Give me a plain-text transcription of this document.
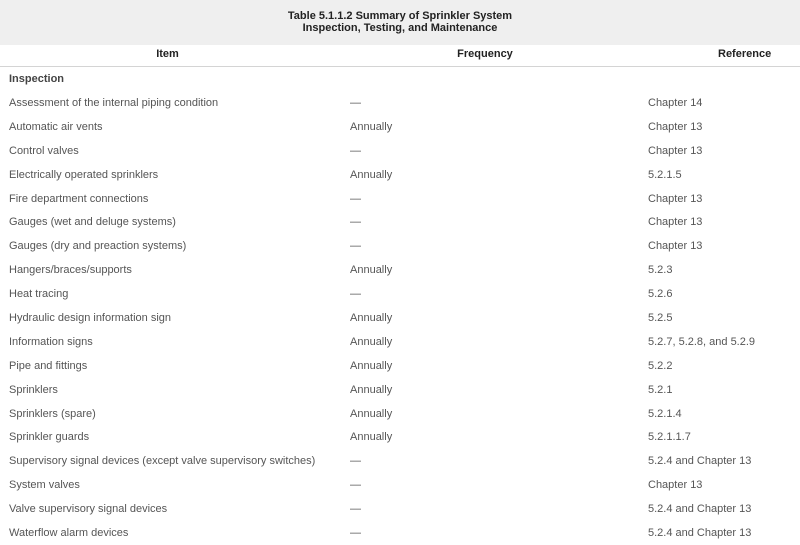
Table 5.1.1.2 Summary of Sprinkler System
Inspection, Testing, and Maintenance
Item	Frequency	Reference
Inspection
Assessment of the internal piping condition	—	Chapter 14
Automatic air vents	Annually	Chapter 13
Control valves	—	Chapter 13
Electrically operated sprinklers	Annually	5.2.1.5
Fire department connections	—	Chapter 13
Gauges (wet and deluge systems)	—	Chapter 13
Gauges (dry and preaction systems)	—	Chapter 13
Hangers/braces/supports	Annually	5.2.3
Heat tracing	—	5.2.6
Hydraulic design information sign	Annually	5.2.5
Information signs	Annually	5.2.7, 5.2.8, and 5.2.9
Pipe and fittings	Annually	5.2.2
Sprinklers	Annually	5.2.1
Sprinklers (spare)	Annually	5.2.1.4
Sprinkler guards	Annually	5.2.1.1.7
Supervisory signal devices (except valve supervisory switches)	—	5.2.4 and Chapter 13
System valves	—	Chapter 13
Valve supervisory signal devices	—	5.2.4 and Chapter 13
Waterflow alarm devices	—	5.2.4 and Chapter 13
